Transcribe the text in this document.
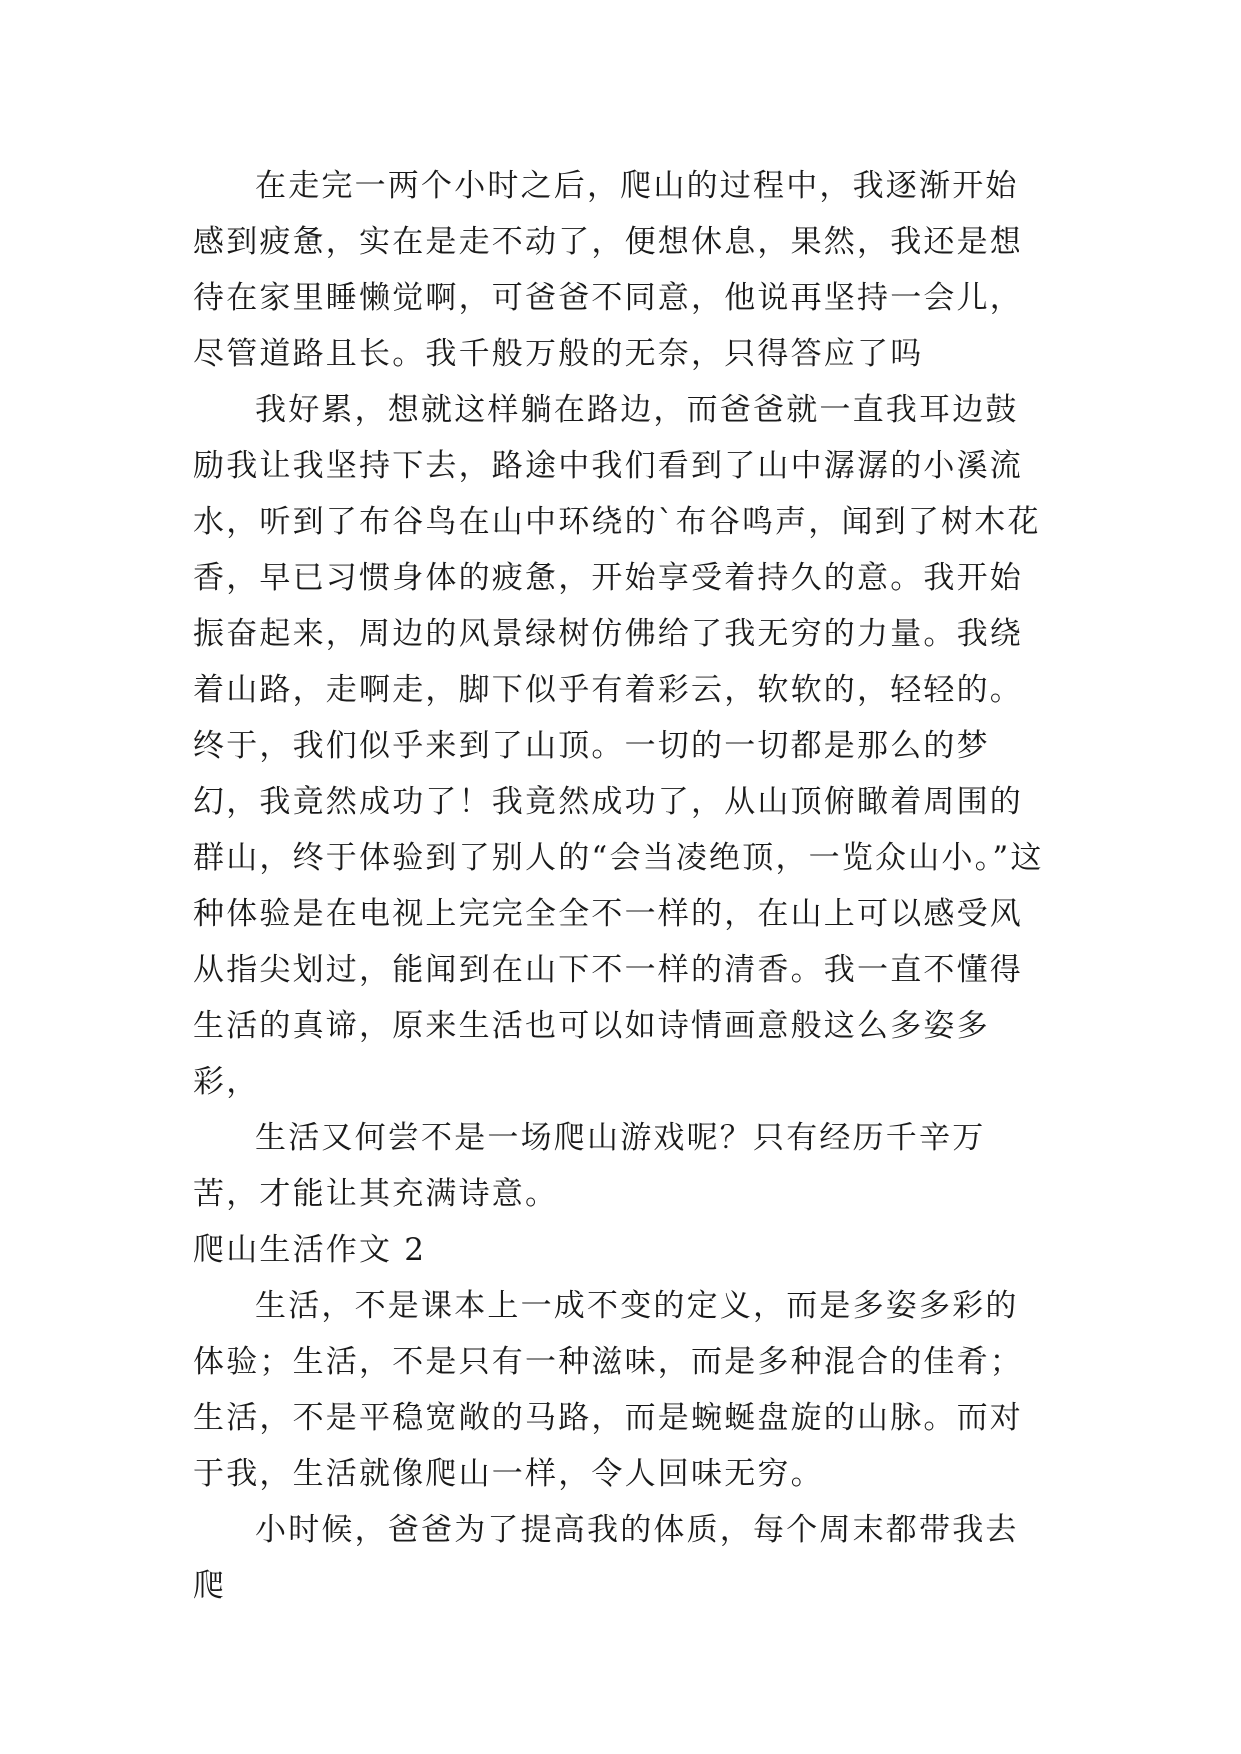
在走完一两个小时之后，爬山的过程中，我逐渐开始感到疲惫，实在是走不动了，便想休息，果然，我还是想待在家里睡懒觉啊，可爸爸不同意，他说再坚持一会儿，尽管道路且长。我千般万般的无奈，只得答应了吗

我好累，想就这样躺在路边，而爸爸就一直我耳边鼓励我让我坚持下去，路途中我们看到了山中潺潺的小溪流水，听到了布谷鸟在山中环绕的`布谷鸣声，闻到了树木花香，早已习惯身体的疲惫，开始享受着持久的意。我开始振奋起来，周边的风景绿树仿佛给了我无穷的力量。我绕着山路，走啊走，脚下似乎有着彩云，软软的，轻轻的。终于，我们似乎来到了山顶。一切的一切都是那么的梦幻，我竟然成功了！我竟然成功了，从山顶俯瞰着周围的群山，终于体验到了别人的“会当凌绝顶，一览众山小。”这种体验是在电视上完完全全不一样的，在山上可以感受风从指尖划过，能闻到在山下不一样的清香。我一直不懂得生活的真谛，原来生活也可以如诗情画意般这么多姿多彩，

生活又何尝不是一场爬山游戏呢？只有经历千辛万苦，才能让其充满诗意。

爬山生活作文 2

生活，不是课本上一成不变的定义，而是多姿多彩的体验；生活，不是只有一种滋味，而是多种混合的佳肴；生活，不是平稳宽敞的马路，而是蜿蜒盘旋的山脉。而对于我，生活就像爬山一样，令人回味无穷。

小时候，爸爸为了提高我的体质，每个周末都带我去爬
